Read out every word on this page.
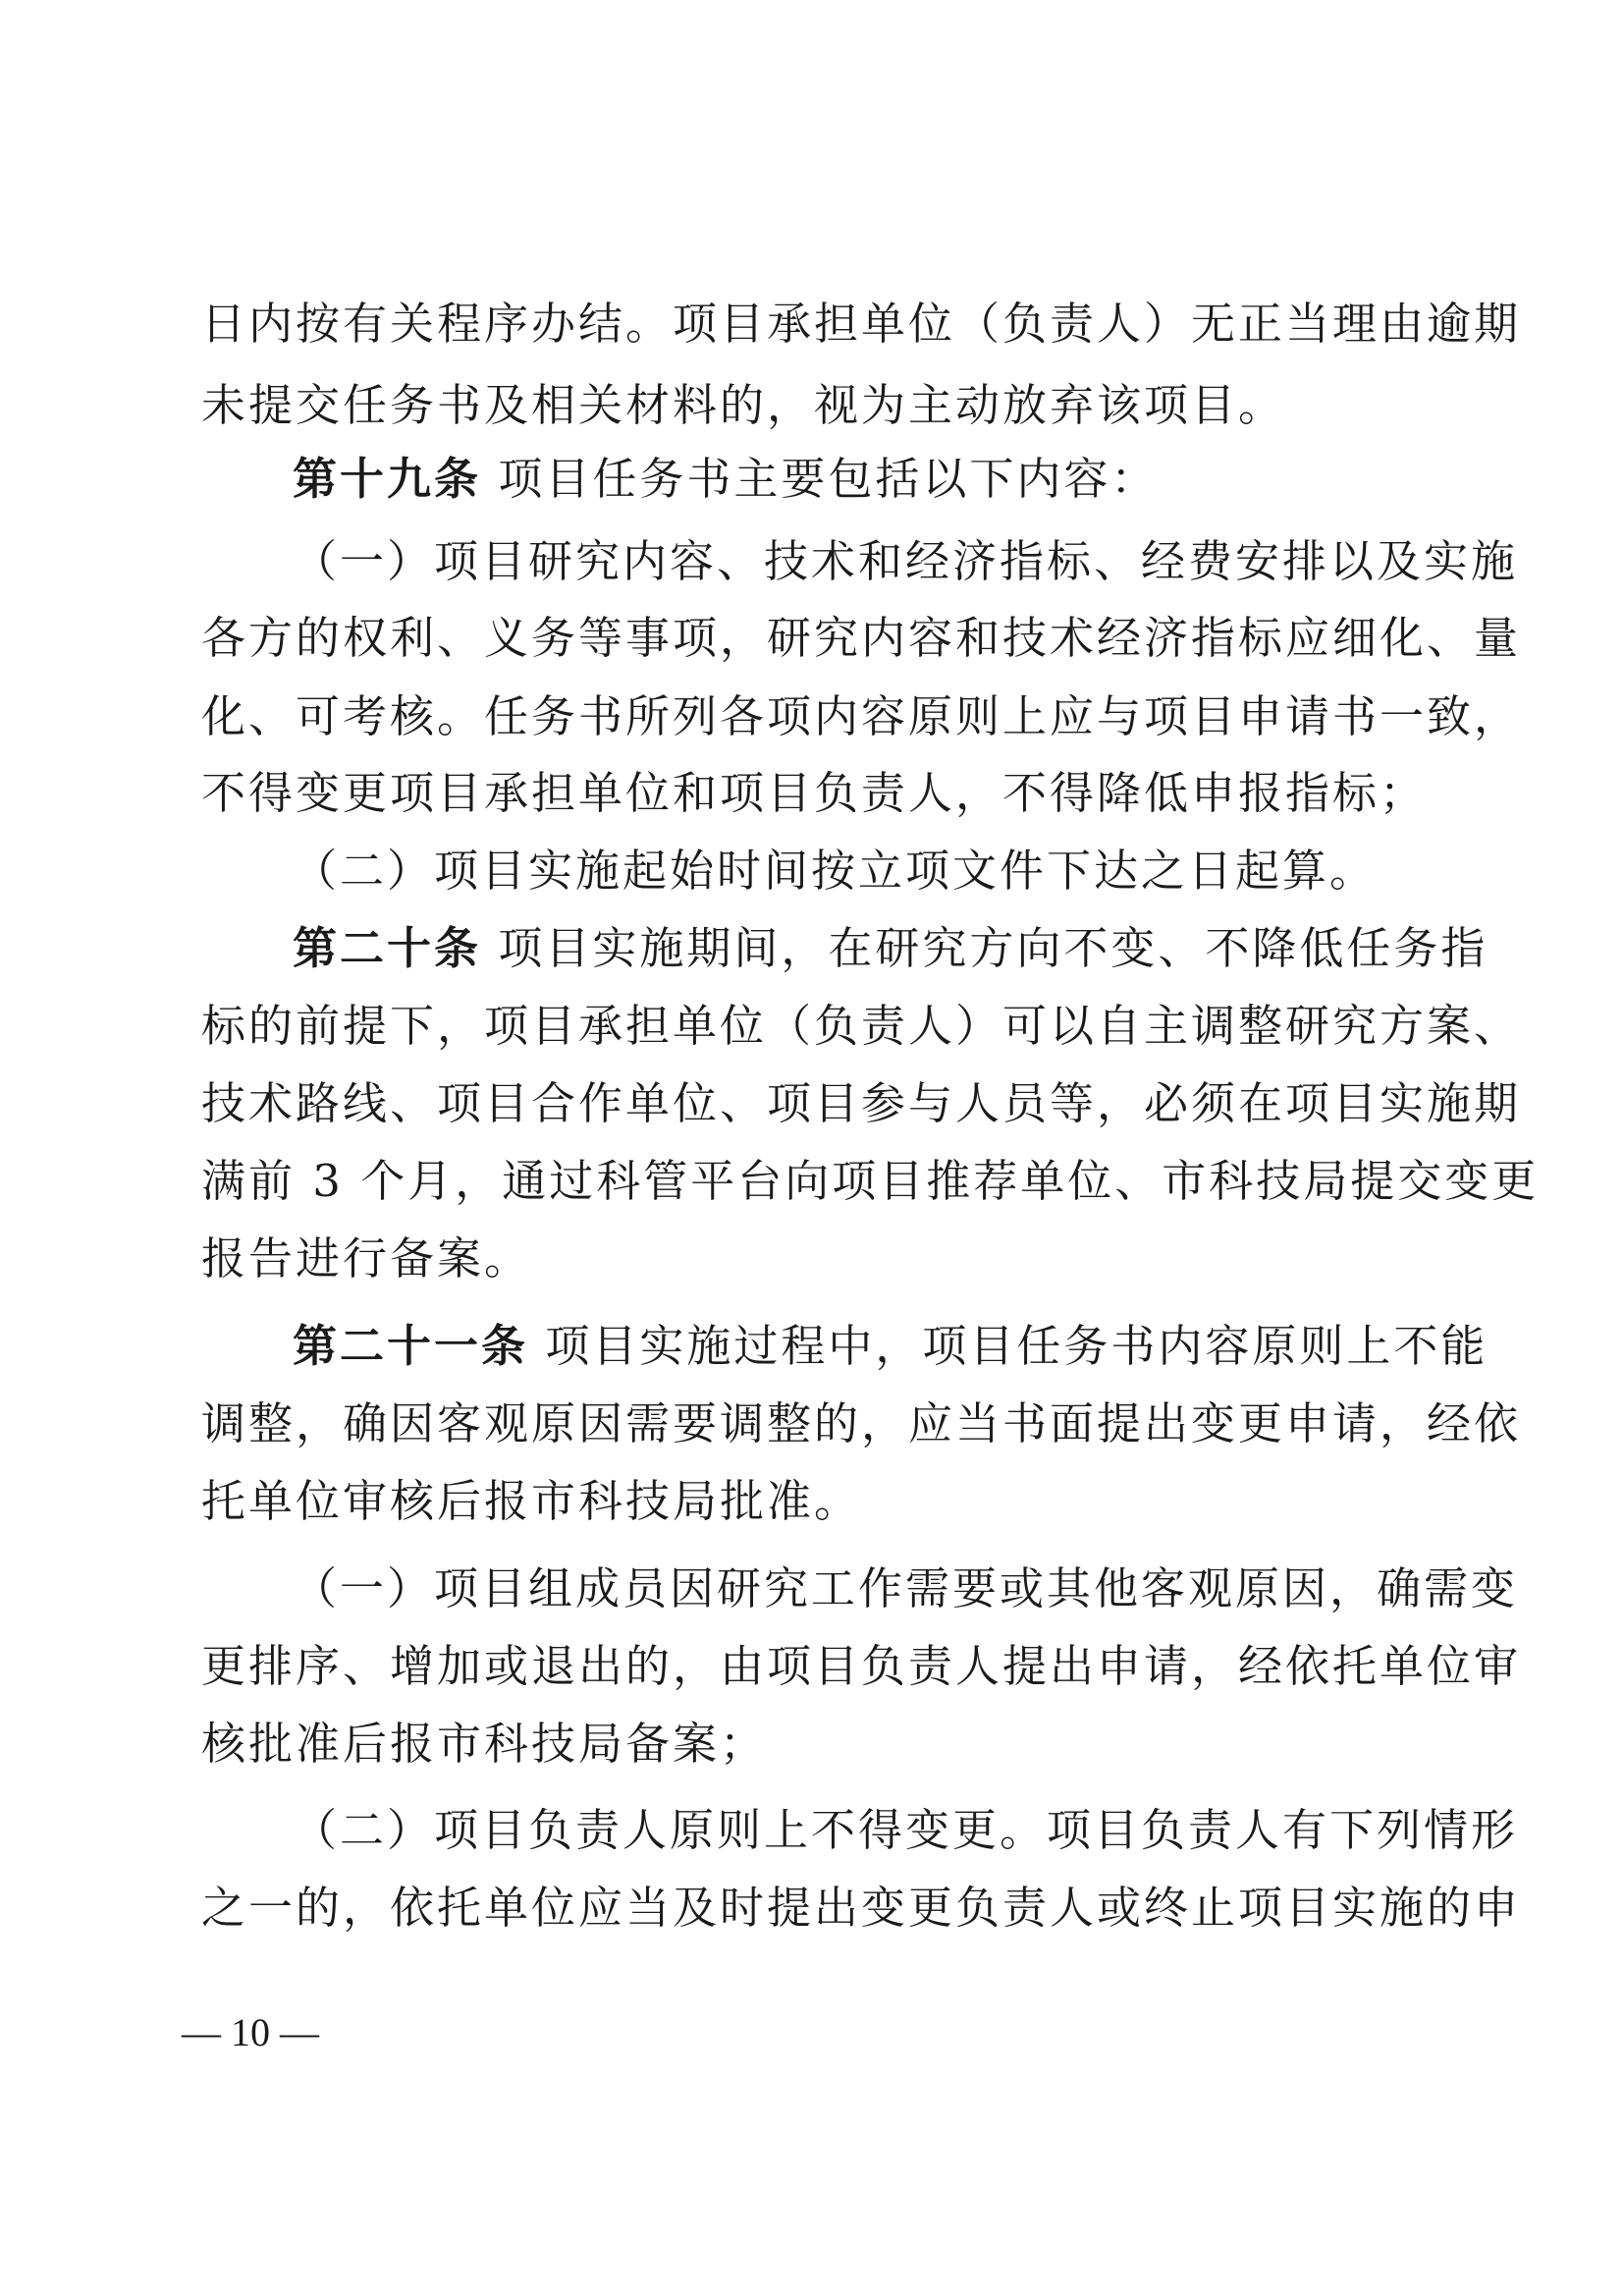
日内按有关程序办结。项目承担单位（负责人）无正当理由逾期
未提交任务书及相关材料的，视为主动放弃该项目。
第十九条 项目任务书主要包括以下内容：
（一）项目研究内容、技术和经济指标、经费安排以及实施
各方的权利、义务等事项，研究内容和技术经济指标应细化、量
化、可考核。任务书所列各项内容原则上应与项目申请书一致，
不得变更项目承担单位和项目负责人，不得降低申报指标；
（二）项目实施起始时间按立项文件下达之日起算。
第二十条 项目实施期间，在研究方向不变、不降低任务指
标的前提下，项目承担单位（负责人）可以自主调整研究方案、
技术路线、项目合作单位、项目参与人员等，必须在项目实施期
满前 3 个月，通过科管平台向项目推荐单位、市科技局提交变更
报告进行备案。
第二十一条 项目实施过程中，项目任务书内容原则上不能
调整，确因客观原因需要调整的，应当书面提出变更申请，经依
托单位审核后报市科技局批准。
（一）项目组成员因研究工作需要或其他客观原因，确需变
更排序、增加或退出的，由项目负责人提出申请，经依托单位审
核批准后报市科技局备案；
（二）项目负责人原则上不得变更。项目负责人有下列情形
之一的，依托单位应当及时提出变更负责人或终止项目实施的申
— 10 —
